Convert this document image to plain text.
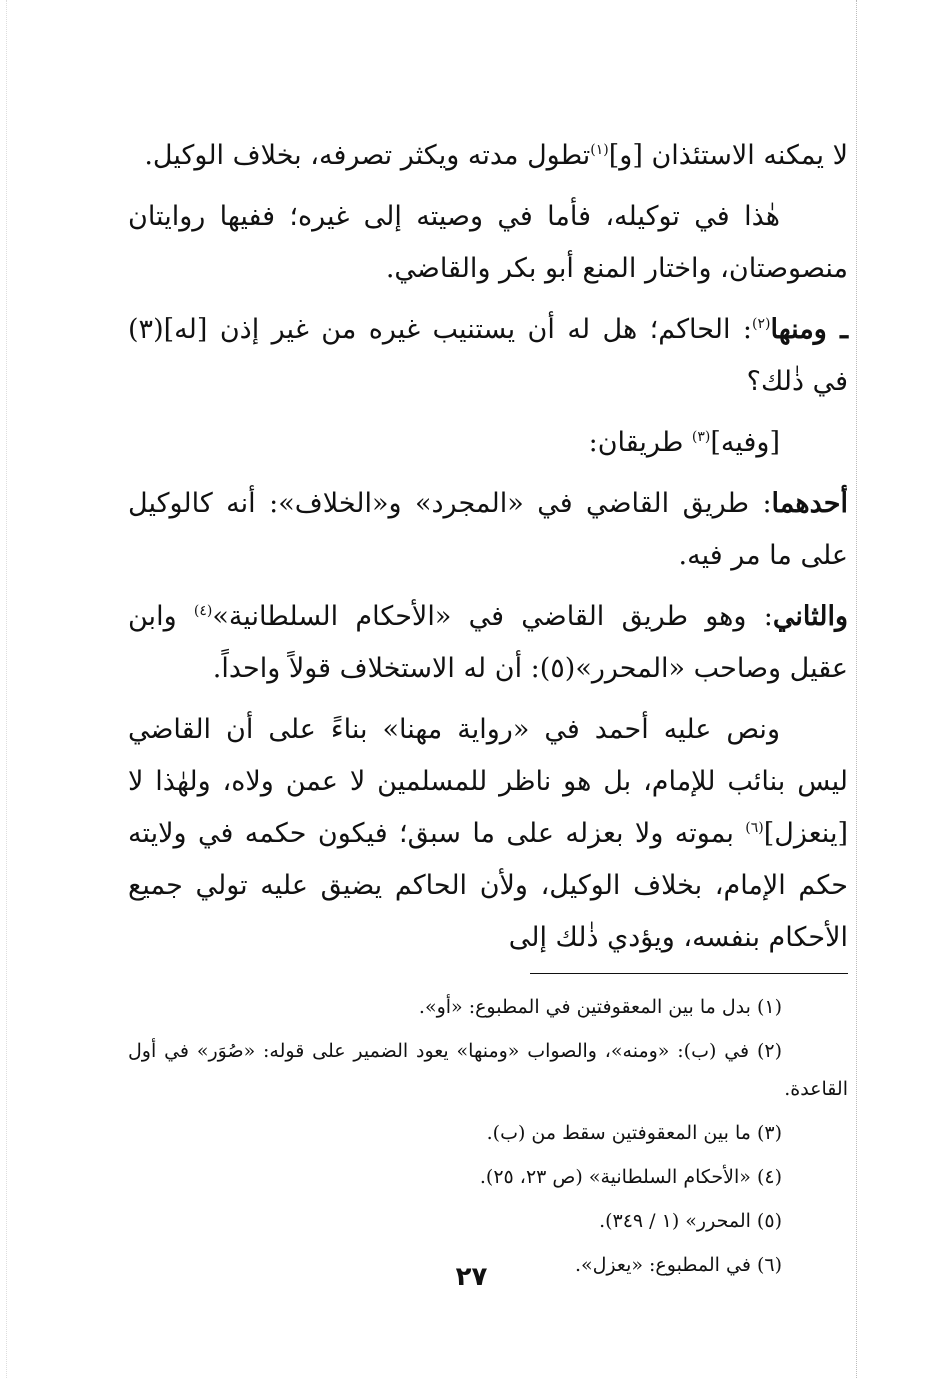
لا يمكنه الاستئذان [و]$^{(١)}$تطول مدته ويكثر تصرفه، بخلاف الوكيل.

هٰذا في توكيله، فأما في وصيته إلى غيره؛ ففيها روايتان منصوصتان، واختار المنع أبو بكر والقاضي.

ـ ومنها$^{(٢)}$: الحاكم؛ هل له أن يستنيب غيره من غير إذن [له](٣) في ذٰلك؟

[وفيه]$^{(٣)}$ طريقان:

أحدهما: طريق القاضي في «المجرد» و«الخلاف»: أنه كالوكيل على ما مر فيه.

والثاني: وهو طريق القاضي في «الأحكام السلطانية»$^{(٤)}$ وابن عقيل وصاحب «المحرر»(٥): أن له الاستخلاف قولاً واحداً.

ونص عليه أحمد في «رواية مهنا» بناءً على أن القاضي ليس بنائب للإمام، بل هو ناظر للمسلمين لا عمن ولاه، ولهٰذا لا [ينعزل]$^{(٦)}$ بموته ولا بعزله على ما سبق؛ فيكون حكمه في ولايته حكم الإمام، بخلاف الوكيل، ولأن الحاكم يضيق عليه تولي جميع الأحكام بنفسه، ويؤدي ذٰلك إلى

(١) بدل ما بين المعقوفتين في المطبوع: «أو».

(٢) في (ب): «ومنه»، والصواب «ومنها» يعود الضمير على قوله: «صُوَر» في أول القاعدة.

(٣) ما بين المعقوفتين سقط من (ب).

(٤) «الأحكام السلطانية» (ص ٢٣، ٢٥).

(٥) المحرر» (١ / ٣٤٩).

(٦) في المطبوع: «يعزل».

٢٧
